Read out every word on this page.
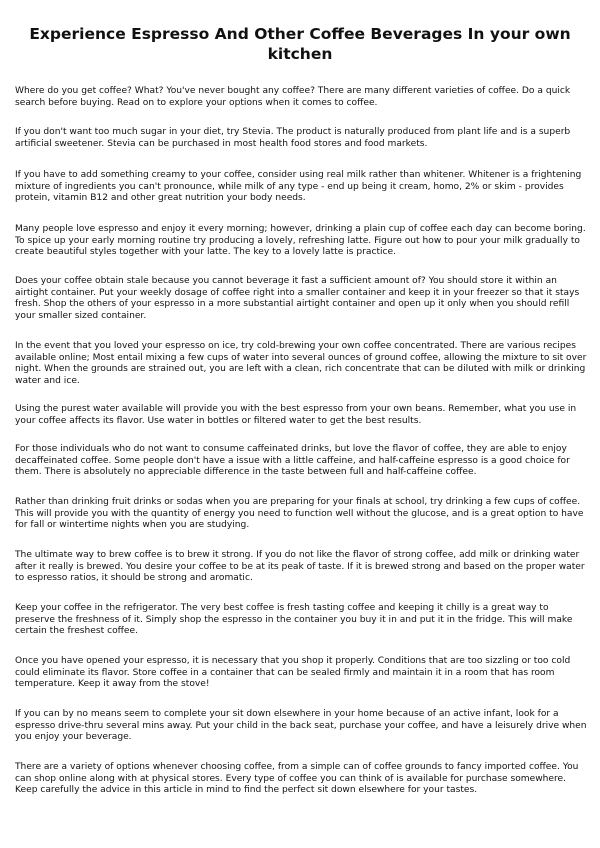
Experience Espresso And Other Coffee Beverages In your own kitchen

Where do you get coffee? What? You've never bought any coffee? There are many different varieties of coffee. Do a quick search before buying. Read on to explore your options when it comes to coffee.

If you don't want too much sugar in your diet, try Stevia. The product is naturally produced from plant life and is a superb artificial sweetener. Stevia can be purchased in most health food stores and food markets.

If you have to add something creamy to your coffee, consider using real milk rather than whitener. Whitener is a frightening mixture of ingredients you can't pronounce, while milk of any type - end up being it cream, homo, 2% or skim - provides protein, vitamin B12 and other great nutrition your body needs.

Many people love espresso and enjoy it every morning; however, drinking a plain cup of coffee each day can become boring. To spice up your early morning routine try producing a lovely, refreshing latte. Figure out how to pour your milk gradually to create beautiful styles together with your latte. The key to a lovely latte is practice.

Does your coffee obtain stale because you cannot beverage it fast a sufficient amount of? You should store it within an airtight container. Put your weekly dosage of coffee right into a smaller container and keep it in your freezer so that it stays fresh. Shop the others of your espresso in a more substantial airtight container and open up it only when you should refill your smaller sized container.

In the event that you loved your espresso on ice, try cold-brewing your own coffee concentrated. There are various recipes available online; Most entail mixing a few cups of water into several ounces of ground coffee, allowing the mixture to sit over night. When the grounds are strained out, you are left with a clean, rich concentrate that can be diluted with milk or drinking water and ice.

Using the purest water available will provide you with the best espresso from your own beans. Remember, what you use in your coffee affects its flavor. Use water in bottles or filtered water to get the best results.

For those individuals who do not want to consume caffeinated drinks, but love the flavor of coffee, they are able to enjoy decaffeinated coffee. Some people don't have a issue with a little caffeine, and half-caffeine espresso is a good choice for them. There is absolutely no appreciable difference in the taste between full and half-caffeine coffee.

Rather than drinking fruit drinks or sodas when you are preparing for your finals at school, try drinking a few cups of coffee. This will provide you with the quantity of energy you need to function well without the glucose, and is a great option to have for fall or wintertime nights when you are studying.

The ultimate way to brew coffee is to brew it strong. If you do not like the flavor of strong coffee, add milk or drinking water after it really is brewed. You desire your coffee to be at its peak of taste. If it is brewed strong and based on the proper water to espresso ratios, it should be strong and aromatic.

Keep your coffee in the refrigerator. The very best coffee is fresh tasting coffee and keeping it chilly is a great way to preserve the freshness of it. Simply shop the espresso in the container you buy it in and put it in the fridge. This will make certain the freshest coffee.

Once you have opened your espresso, it is necessary that you shop it properly. Conditions that are too sizzling or too cold could eliminate its flavor. Store coffee in a container that can be sealed firmly and maintain it in a room that has room temperature. Keep it away from the stove!

If you can by no means seem to complete your sit down elsewhere in your home because of an active infant, look for a espresso drive-thru several mins away. Put your child in the back seat, purchase your coffee, and have a leisurely drive when you enjoy your beverage.

There are a variety of options whenever choosing coffee, from a simple can of coffee grounds to fancy imported coffee. You can shop online along with at physical stores. Every type of coffee you can think of is available for purchase somewhere. Keep carefully the advice in this article in mind to find the perfect sit down elsewhere for your tastes.
